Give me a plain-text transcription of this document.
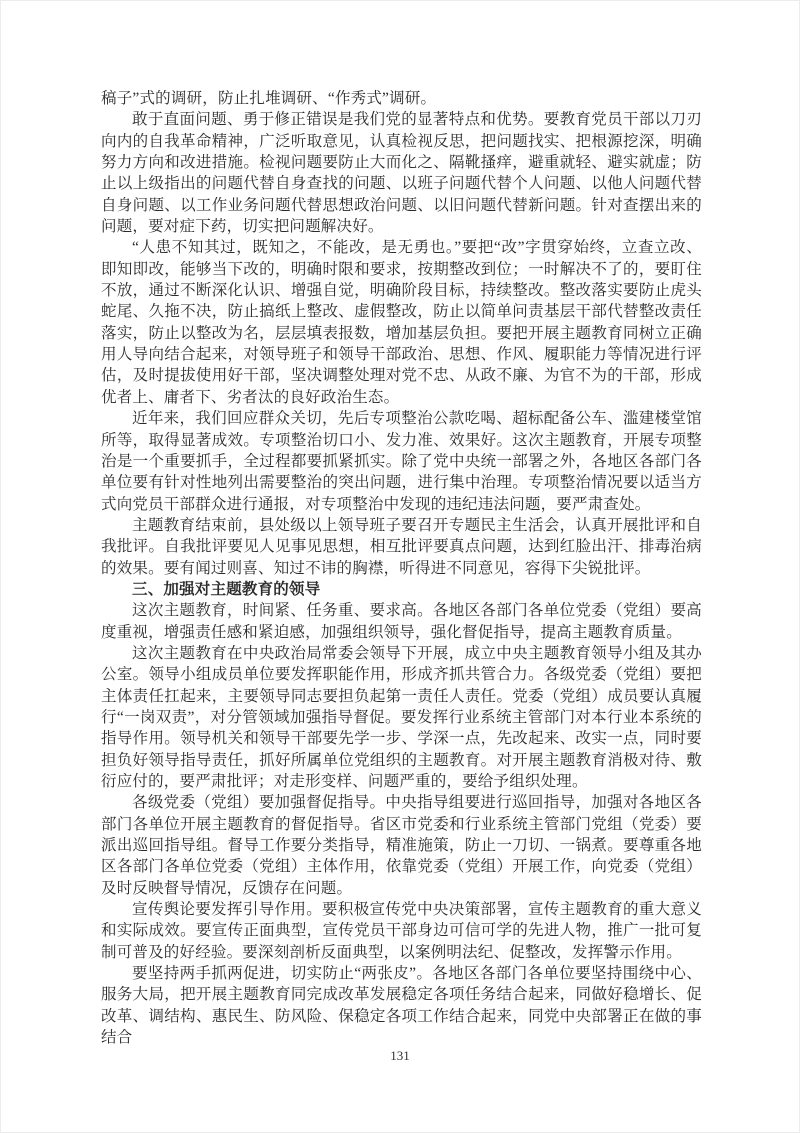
稿子”式的调研，防止扎堆调研、“作秀式”调研。

敢于直面问题、勇于修正错误是我们党的显著特点和优势。要教育党员干部以刀刃向内的自我革命精神，广泛听取意见，认真检视反思，把问题找实、把根源挖深，明确努力方向和改进措施。检视问题要防止大而化之、隔靴搔痒，避重就轻、避实就虚；防止以上级指出的问题代替自身查找的问题、以班子问题代替个人问题、以他人问题代替自身问题、以工作业务问题代替思想政治问题、以旧问题代替新问题。针对查摆出来的问题，要对症下药，切实把问题解决好。

“人患不知其过，既知之，不能改，是无勇也。”要把“改”字贯穿始终，立查立改、即知即改，能够当下改的，明确时限和要求，按期整改到位；一时解决不了的，要盯住不放，通过不断深化认识、增强自觉，明确阶段目标，持续整改。整改落实要防止虎头蛇尾、久拖不决，防止搞纸上整改、虚假整改，防止以简单问责基层干部代替整改责任落实，防止以整改为名，层层填表报数，增加基层负担。要把开展主题教育同树立正确用人导向结合起来，对领导班子和领导干部政治、思想、作风、履职能力等情况进行评估，及时提拔使用好干部，坚决调整处理对党不忠、从政不廉、为官不为的干部，形成优者上、庸者下、劣者汰的良好政治生态。

近年来，我们回应群众关切，先后专项整治公款吃喝、超标配备公车、滥建楼堂馆所等，取得显著成效。专项整治切口小、发力准、效果好。这次主题教育，开展专项整治是一个重要抓手，全过程都要抓紧抓实。除了党中央统一部署之外，各地区各部门各单位要有针对性地列出需要整治的突出问题，进行集中治理。专项整治情况要以适当方式向党员干部群众进行通报，对专项整治中发现的违纪违法问题，要严肃查处。

主题教育结束前，县处级以上领导班子要召开专题民主生活会，认真开展批评和自我批评。自我批评要见人见事见思想，相互批评要真点问题，达到红脸出汗、排毒治病的效果。要有闻过则喜、知过不讳的胸襟，听得进不同意见，容得下尖锐批评。

三、加强对主题教育的领导

这次主题教育，时间紧、任务重、要求高。各地区各部门各单位党委（党组）要高度重视，增强责任感和紧迫感，加强组织领导，强化督促指导，提高主题教育质量。

这次主题教育在中央政治局常委会领导下开展，成立中央主题教育领导小组及其办公室。领导小组成员单位要发挥职能作用，形成齐抓共管合力。各级党委（党组）要把主体责任扛起来，主要领导同志要担负起第一责任人责任。党委（党组）成员要认真履行“一岗双责”，对分管领域加强指导督促。要发挥行业系统主管部门对本行业本系统的指导作用。领导机关和领导干部要先学一步、学深一点，先改起来、改实一点，同时要担负好领导指导责任，抓好所属单位党组织的主题教育。对开展主题教育消极对待、敷衍应付的，要严肃批评；对走形变样、问题严重的，要给予组织处理。

各级党委（党组）要加强督促指导。中央指导组要进行巡回指导，加强对各地区各部门各单位开展主题教育的督促指导。省区市党委和行业系统主管部门党组（党委）要派出巡回指导组。督导工作要分类指导，精准施策，防止一刀切、一锅煮。要尊重各地区各部门各单位党委（党组）主体作用，依靠党委（党组）开展工作，向党委（党组）及时反映督导情况，反馈存在问题。

宣传舆论要发挥引导作用。要积极宣传党中央决策部署，宣传主题教育的重大意义和实际成效。要宣传正面典型，宣传党员干部身边可信可学的先进人物，推广一批可复制可普及的好经验。要深刻剖析反面典型，以案例明法纪、促整改，发挥警示作用。

要坚持两手抓两促进，切实防止“两张皮”。各地区各部门各单位要坚持围绕中心、服务大局，把开展主题教育同完成改革发展稳定各项任务结合起来，同做好稳增长、促改革、调结构、惠民生、防风险、保稳定各项工作结合起来，同党中央部署正在做的事结合

131
